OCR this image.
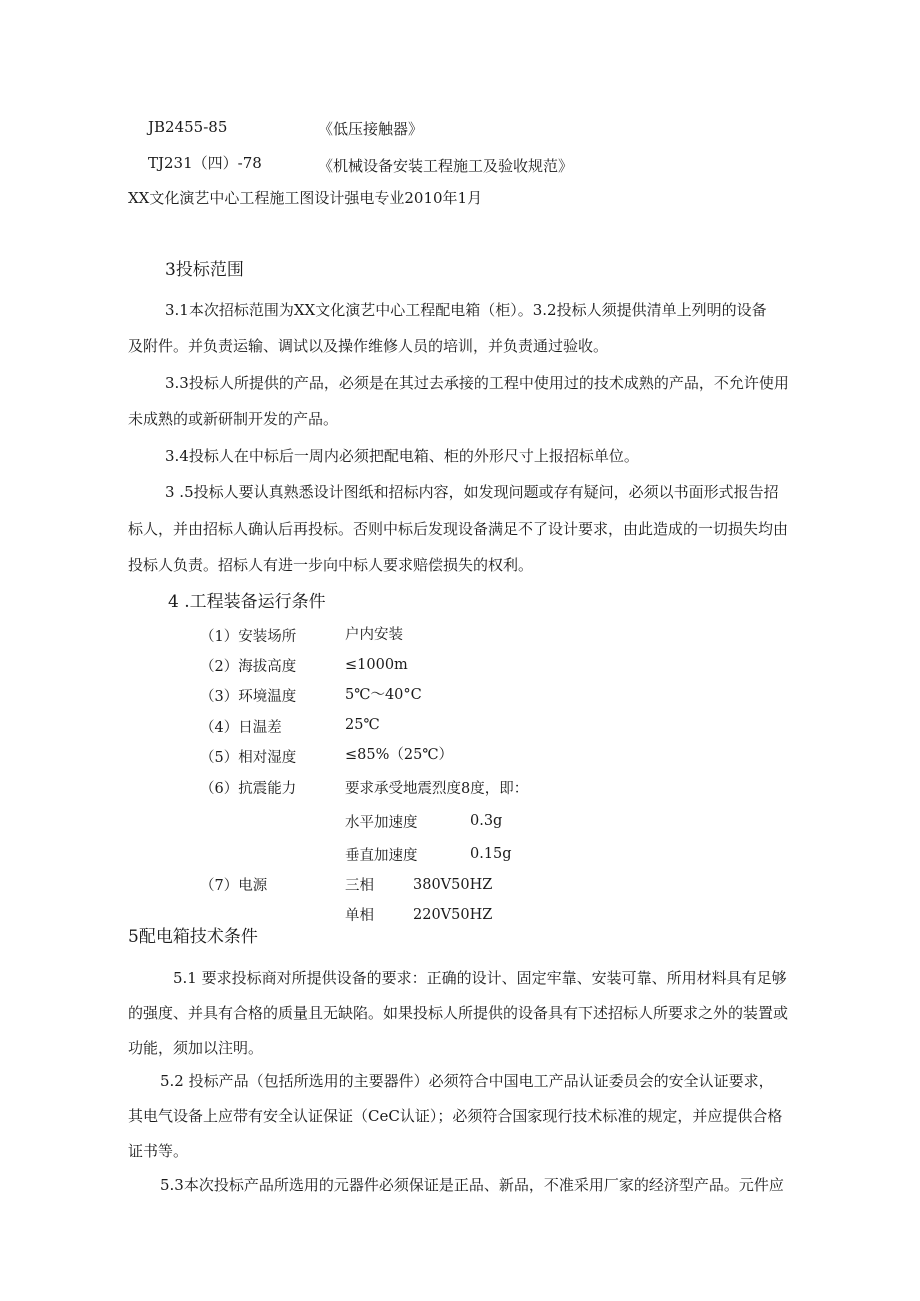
JB2455-85	《低压接触器》
TJ231（四）-78	《机械设备安装工程施工及验收规范》
XX文化演艺中心工程施工图设计强电专业2010年1月
3投标范围
3.1本次招标范围为XX文化演艺中心工程配电箱（柜）。3.2投标人须提供清单上列明的设备
及附件。并负责运输、调试以及操作维修人员的培训，并负责通过验收。
3.3投标人所提供的产品，必须是在其过去承接的工程中使用过的技术成熟的产品，不允许使用
未成熟的或新研制开发的产品。
3.4投标人在中标后一周内必须把配电箱、柜的外形尺寸上报招标单位。
3 .5投标人要认真熟悉设计图纸和招标内容，如发现问题或存有疑问，必须以书面形式报告招
标人，并由招标人确认后再投标。否则中标后发现设备满足不了设计要求，由此造成的一切损失均由
投标人负责。招标人有进一步向中标人要求赔偿损失的权利。
4 .工程装备运行条件
（1）安装场所	户内安装
（2）海拔高度	≤1000m
（3）环境温度	5℃～40°C
（4）日温差	25℃
（5）相对湿度	≤85%（25℃）
（6）抗震能力	要求承受地震烈度8度，即：
水平加速度	0.3g
垂直加速度	0.15g
（7）电源	三相	380V50HZ
单相	220V50HZ
5配电箱技术条件
5.1 要求投标商对所提供设备的要求：正确的设计、固定牢靠、安装可靠、所用材料具有足够
的强度、并具有合格的质量且无缺陷。如果投标人所提供的设备具有下述招标人所要求之外的装置或
功能，须加以注明。
5.2 投标产品（包括所选用的主要器件）必须符合中国电工产品认证委员会的安全认证要求，
其电气设备上应带有安全认证保证（CeC认证）；必须符合国家现行技术标准的规定，并应提供合格
证书等。
5.3本次投标产品所选用的元器件必须保证是正品、新品，不准采用厂家的经济型产品。元件应
